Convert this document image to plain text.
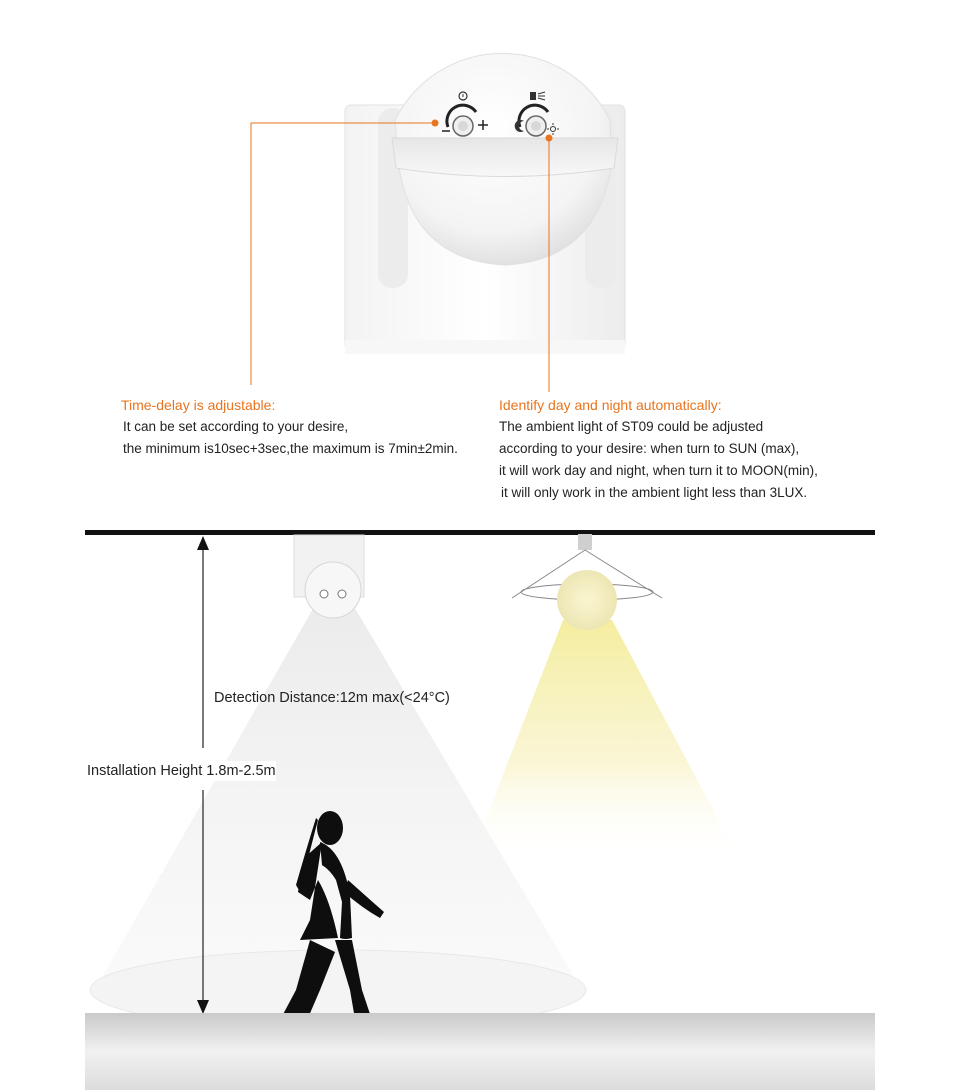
Time-delay is adjustable:
It can be set according to your desire,
the minimum is10sec+3sec,the maximum is 7min±2min.
Identify day and night automatically:
The ambient light of ST09 could be adjusted
according to your desire: when turn to SUN (max),
it will work day and night, when turn it to MOON(min),
it will only work in the ambient light less than 3LUX.
Detection Distance:12m max(<24°C)
Installation Height 1.8m-2.5m
